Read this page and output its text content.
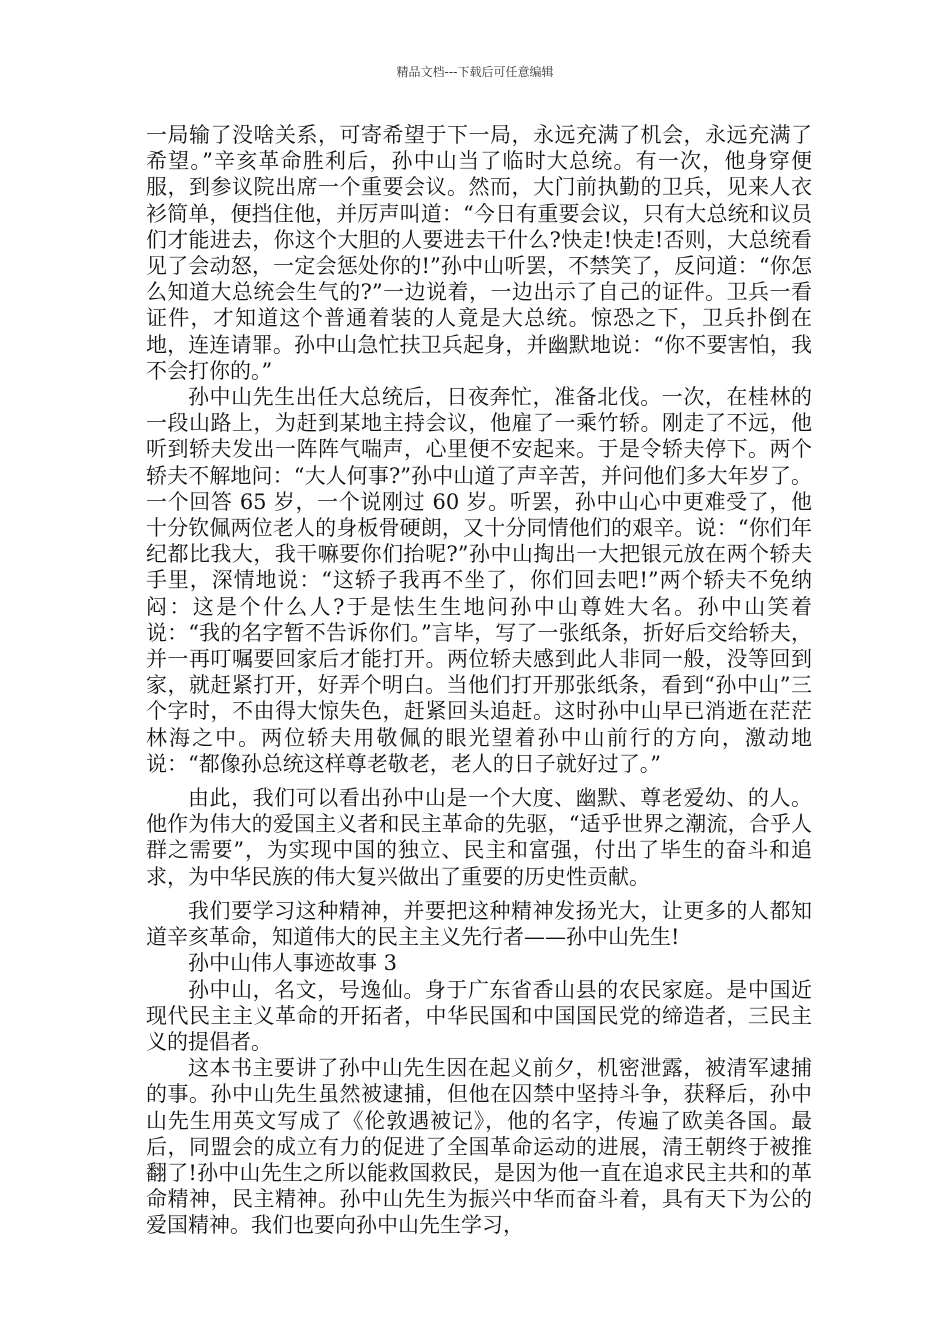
精品文档---下载后可任意编辑

一局输了没啥关系，可寄希望于下一局，永远充满了机会，永远充满了希望。”辛亥革命胜利后，孙中山当了临时大总统。有一次，他身穿便服，到参议院出席一个重要会议。然而，大门前执勤的卫兵，见来人衣衫简单，便挡住他，并厉声叫道：“今日有重要会议，只有大总统和议员们才能进去，你这个大胆的人要进去干什么?快走!快走!否则，大总统看见了会动怒，一定会惩处你的!”孙中山听罢，不禁笑了，反问道：“你怎么知道大总统会生气的?”一边说着，一边出示了自己的证件。卫兵一看证件，才知道这个普通着装的人竟是大总统。惊恐之下，卫兵扑倒在地，连连请罪。孙中山急忙扶卫兵起身，并幽默地说：“你不要害怕，我不会打你的。”

孙中山先生出任大总统后，日夜奔忙，准备北伐。一次，在桂林的一段山路上，为赶到某地主持会议，他雇了一乘竹轿。刚走了不远，他听到轿夫发出一阵阵气喘声，心里便不安起来。于是令轿夫停下。两个轿夫不解地问：“大人何事?”孙中山道了声辛苦，并问他们多大年岁了。一个回答 65 岁，一个说刚过 60 岁。听罢，孙中山心中更难受了，他十分钦佩两位老人的身板骨硬朗，又十分同情他们的艰辛。说：“你们年纪都比我大，我干嘛要你们抬呢?”孙中山掏出一大把银元放在两个轿夫手里，深情地说：“这轿子我再不坐了，你们回去吧!”两个轿夫不免纳闷：这是个什么人?于是怯生生地问孙中山尊姓大名。孙中山笑着说：“我的名字暂不告诉你们。”言毕，写了一张纸条，折好后交给轿夫，并一再叮嘱要回家后才能打开。两位轿夫感到此人非同一般，没等回到家，就赶紧打开，好弄个明白。当他们打开那张纸条，看到“孙中山”三个字时，不由得大惊失色，赶紧回头追赶。这时孙中山早已消逝在茫茫林海之中。两位轿夫用敬佩的眼光望着孙中山前行的方向，激动地说：“都像孙总统这样尊老敬老，老人的日子就好过了。”

由此，我们可以看出孙中山是一个大度、幽默、尊老爱幼、的人。他作为伟大的爱国主义者和民主革命的先驱，“适乎世界之潮流，合乎人群之需要”，为实现中国的独立、民主和富强，付出了毕生的奋斗和追求，为中华民族的伟大复兴做出了重要的历史性贡献。

我们要学习这种精神，并要把这种精神发扬光大，让更多的人都知道辛亥革命，知道伟大的民主主义先行者——孙中山先生!

孙中山伟人事迹故事 3

孙中山，名文，号逸仙。身于广东省香山县的农民家庭。是中国近现代民主主义革命的开拓者，中华民国和中国国民党的缔造者，三民主义的提倡者。

这本书主要讲了孙中山先生因在起义前夕，机密泄露，被清军逮捕的事。孙中山先生虽然被逮捕，但他在囚禁中坚持斗争，获释后，孙中山先生用英文写成了《伦敦遇被记》，他的名字，传遍了欧美各国。最后，同盟会的成立有力的促进了全国革命运动的进展，清王朝终于被推翻了!孙中山先生之所以能救国救民，是因为他一直在追求民主共和的革命精神，民主精神。孙中山先生为振兴中华而奋斗着，具有天下为公的爱国精神。我们也要向孙中山先生学习，
